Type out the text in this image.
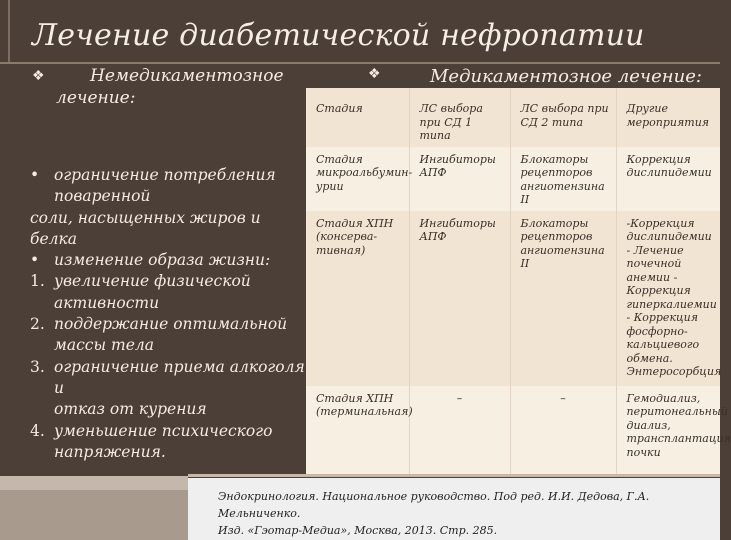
Лечение диабетической нефропатии
❖	Немедикаментозное
лечение:
❖	Медикаментозное лечение:
• ограничение потребления
поваренной
соли, насыщенных жиров и белка
• изменение образа жизни:
1. увеличение физической
активности
2. поддержание оптимальной
массы тела
3. ограничение приема алкоголя и
отказ от курения
4. уменьшение психического
напряжения.
Стадия	ЛС выбора при СД 1 типа	ЛС выбора при СД 2 типа	Другие мероприятия
Стадия микроальбумин-урии	Ингибиторы АПФ	Блокаторы рецепторов ангиотензина II	Коррекция дислипидемии
Стадия ХПН (консерва-тивная)	Ингибиторы АПФ	Блокаторы рецепторов ангиотензина II	-Коррекция дислипидемии - Лечение почечной анемии - Коррекция гиперкалиемии - Коррекция фосфорно-кальциевого обмена. Энтеросорбция
Стадия ХПН (терминальная)	–	–	Гемодиализ, перитонеальный диализ, трансплантация почки
Эндокринология. Национальное руководство. Под ред. И.И. Дедова, Г.А. Мельниченко.
Изд. «Гэотар-Медиа», Москва, 2013. Стр. 285.
